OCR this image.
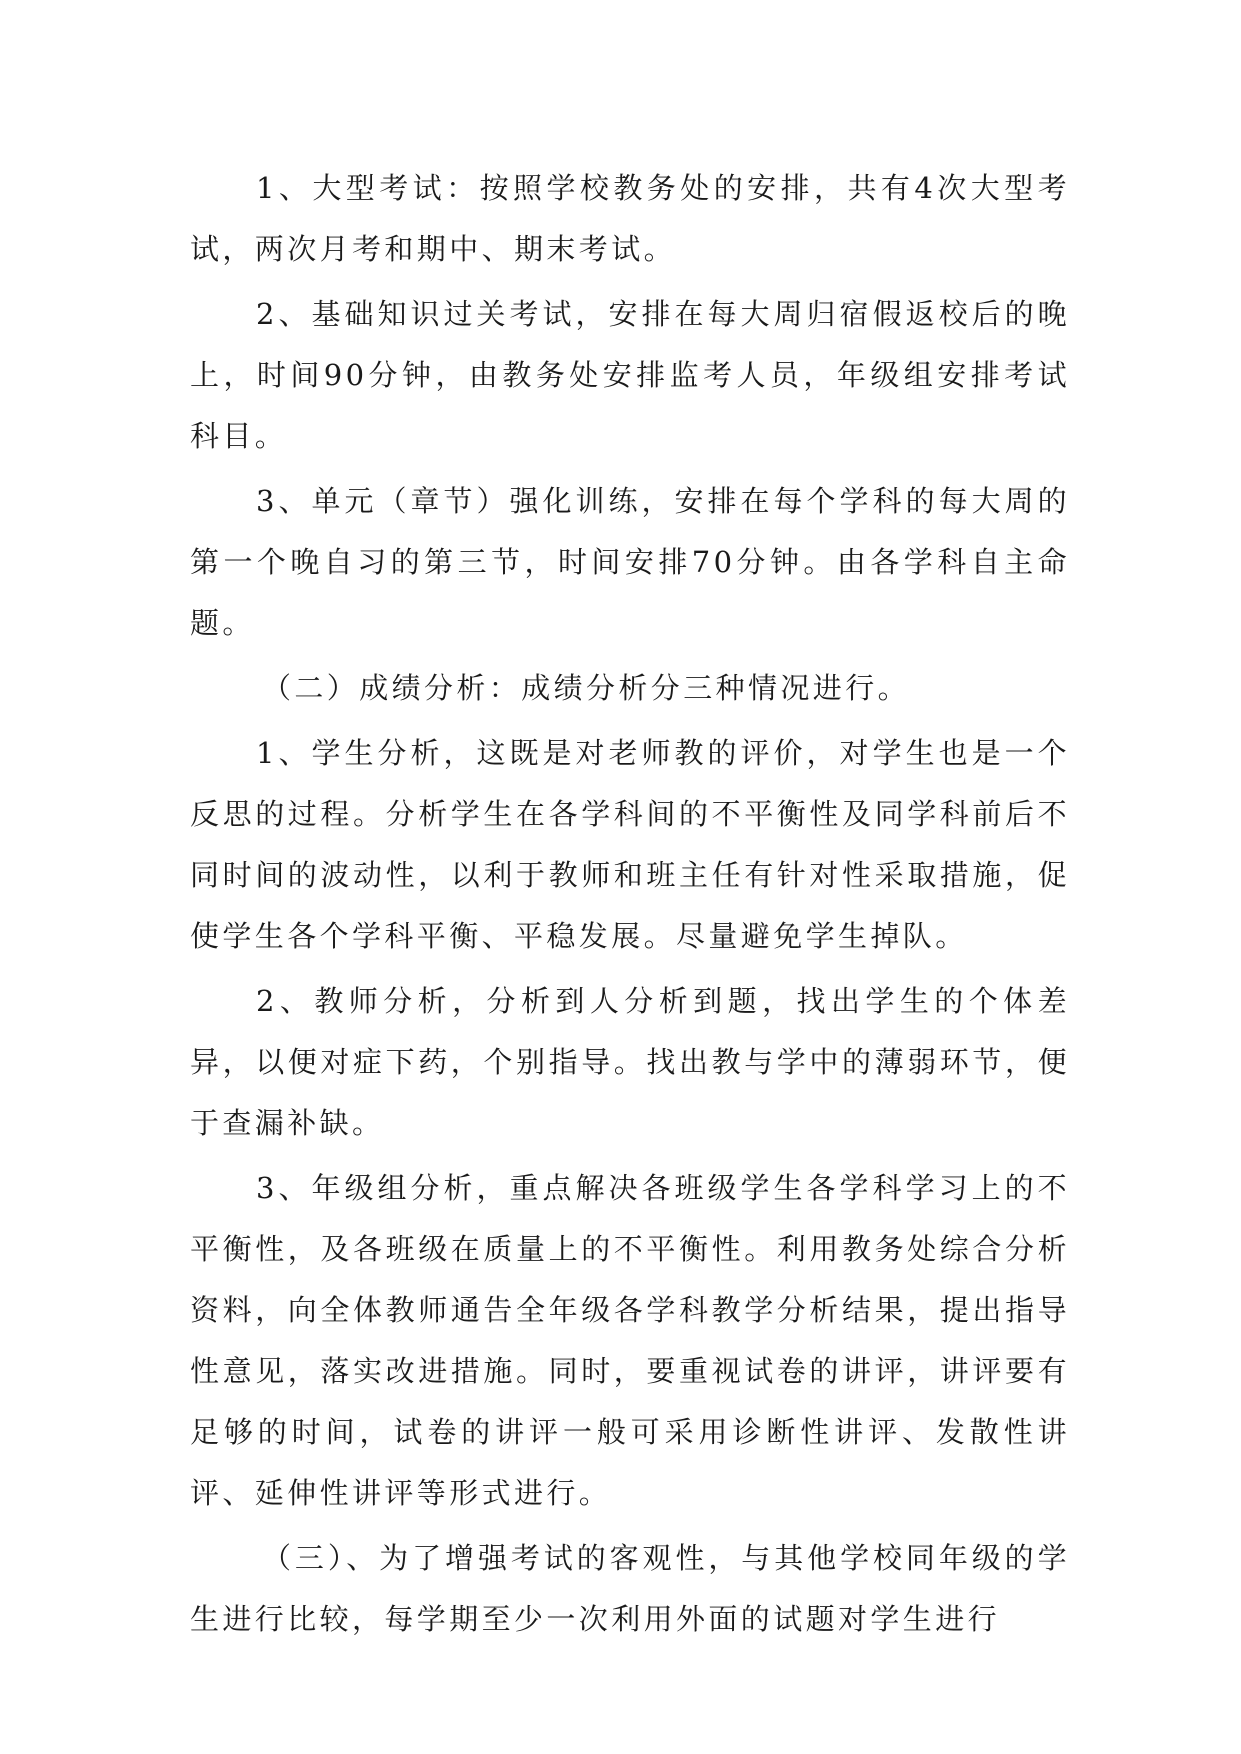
1、大型考试：按照学校教务处的安排，共有4次大型考试，两次月考和期中、期末考试。

2、基础知识过关考试，安排在每大周归宿假返校后的晚上，时间90分钟，由教务处安排监考人员，年级组安排考试科目。

3、单元（章节）强化训练，安排在每个学科的每大周的第一个晚自习的第三节，时间安排70分钟。由各学科自主命题。

（二）成绩分析：成绩分析分三种情况进行。

1、学生分析，这既是对老师教的评价，对学生也是一个反思的过程。分析学生在各学科间的不平衡性及同学科前后不同时间的波动性，以利于教师和班主任有针对性采取措施，促使学生各个学科平衡、平稳发展。尽量避免学生掉队。

2、教师分析，分析到人分析到题，找出学生的个体差异，以便对症下药，个别指导。找出教与学中的薄弱环节，便于查漏补缺。

3、年级组分析，重点解决各班级学生各学科学习上的不平衡性，及各班级在质量上的不平衡性。利用教务处综合分析资料，向全体教师通告全年级各学科教学分析结果，提出指导性意见，落实改进措施。同时，要重视试卷的讲评，讲评要有足够的时间，试卷的讲评一般可采用诊断性讲评、发散性讲评、延伸性讲评等形式进行。

（三）、为了增强考试的客观性，与其他学校同年级的学生进行比较，每学期至少一次利用外面的试题对学生进行
